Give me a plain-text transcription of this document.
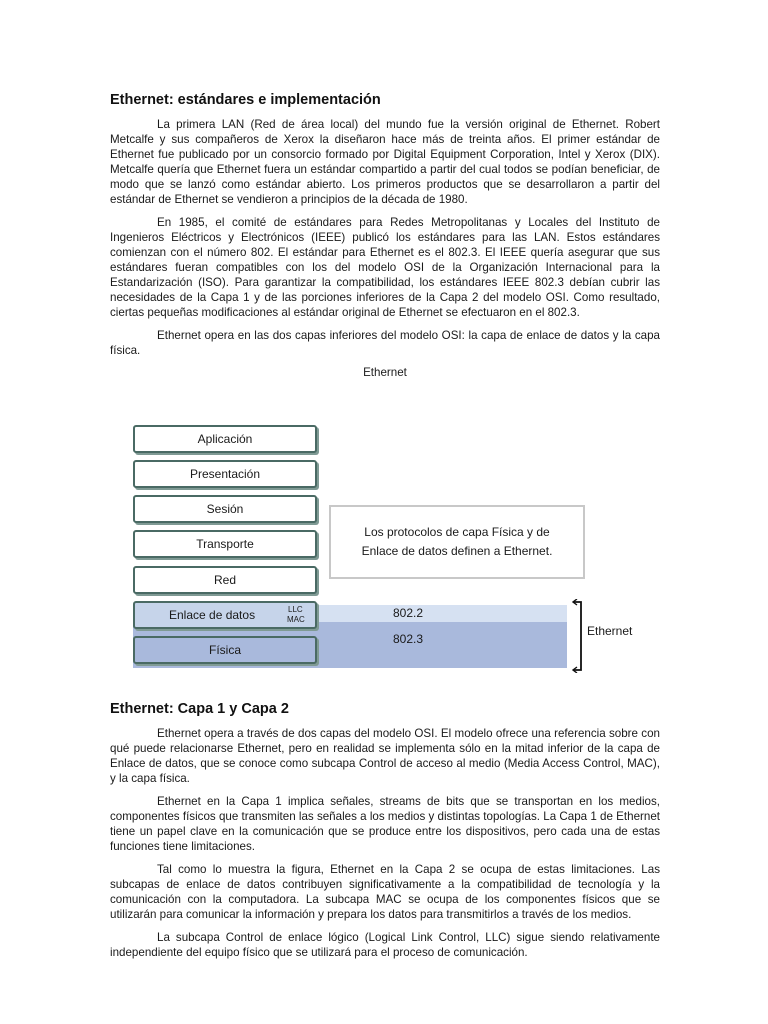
Ethernet: estándares e implementación

La primera LAN (Red de área local) del mundo fue la versión original de Ethernet. Robert Metcalfe y sus compañeros de Xerox la diseñaron hace más de treinta años. El primer estándar de Ethernet fue publicado por un consorcio formado por Digital Equipment Corporation, Intel y Xerox (DIX). Metcalfe quería que Ethernet fuera un estándar compartido a partir del cual todos se podían beneficiar, de modo que se lanzó como estándar abierto. Los primeros productos que se desarrollaron a partir del estándar de Ethernet se vendieron a principios de la década de 1980.

En 1985, el comité de estándares para Redes Metropolitanas y Locales del Instituto de Ingenieros Eléctricos y Electrónicos (IEEE) publicó los estándares para las LAN. Estos estándares comienzan con el número 802. El estándar para Ethernet es el 802.3. El IEEE quería asegurar que sus estándares fueran compatibles con los del modelo OSI de la Organización Internacional para la Estandarización (ISO). Para garantizar la compatibilidad, los estándares IEEE 802.3 debían cubrir las necesidades de la Capa 1 y de las porciones inferiores de la Capa 2 del modelo OSI. Como resultado, ciertas pequeñas modificaciones al estándar original de Ethernet se efectuaron en el 802.3.

Ethernet opera en las dos capas inferiores del modelo OSI: la capa de enlace de datos y la capa física.

Ethernet
Aplicación
Presentación
Sesión
Transporte
Red
Enlace de datos
Física
LLC
MAC	802.2
802.3
Los protocolos de capa Física y de Enlace de datos definen a Ethernet.
Ethernet
Ethernet: Capa 1 y Capa 2

Ethernet opera a través de dos capas del modelo OSI. El modelo ofrece una referencia sobre con qué puede relacionarse Ethernet, pero en realidad se implementa sólo en la mitad inferior de la capa de Enlace de datos, que se conoce como subcapa Control de acceso al medio (Media Access Control, MAC), y la capa física.

Ethernet en la Capa 1 implica señales, streams de bits que se transportan en los medios, componentes físicos que transmiten las señales a los medios y distintas topologías. La Capa 1 de Ethernet tiene un papel clave en la comunicación que se produce entre los dispositivos, pero cada una de estas funciones tiene limitaciones.

Tal como lo muestra la figura, Ethernet en la Capa 2 se ocupa de estas limitaciones. Las subcapas de enlace de datos contribuyen significativamente a la compatibilidad de tecnología y la comunicación con la computadora. La subcapa MAC se ocupa de los componentes físicos que se utilizarán para comunicar la información y prepara los datos para transmitirlos a través de los medios.

La subcapa Control de enlace lógico (Logical Link Control, LLC) sigue siendo relativamente independiente del equipo físico que se utilizará para el proceso de comunicación.
